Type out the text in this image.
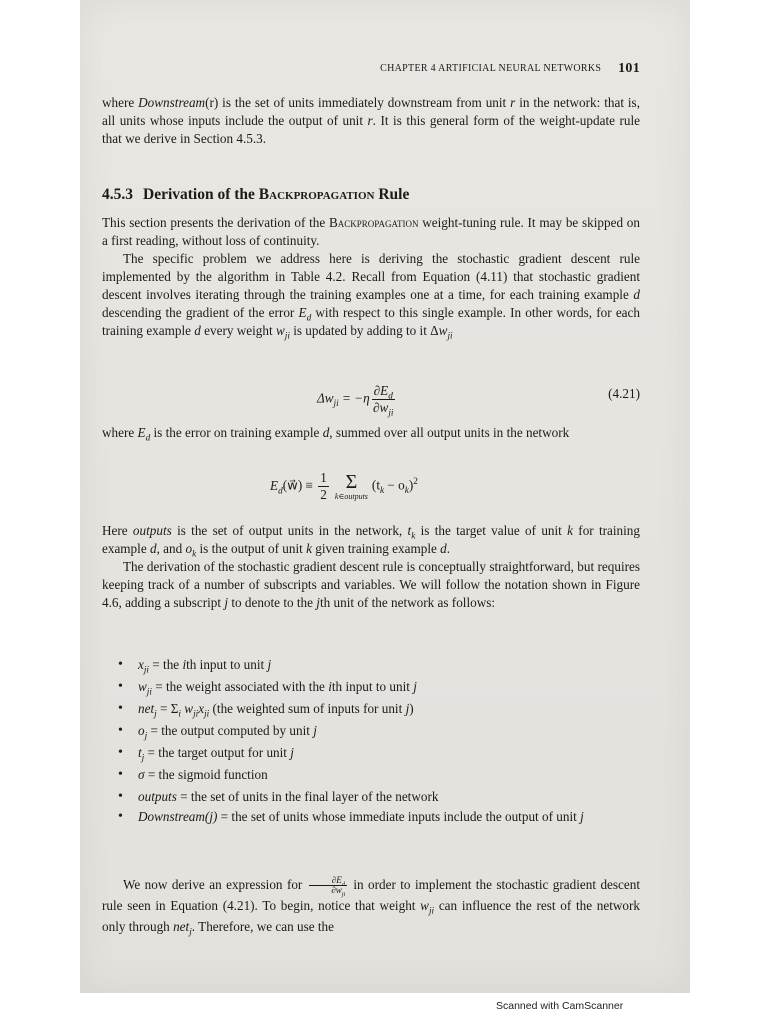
CHAPTER 4 ARTIFICIAL NEURAL NETWORKS 101

where Downstream(r) is the set of units immediately downstream from unit r in the network: that is, all units whose inputs include the output of unit r. It is this general form of the weight-update rule that we derive in Section 4.5.3.

4.5.3 Derivation of the Backpropagation Rule

This section presents the derivation of the Backpropagation weight-tuning rule. It may be skipped on a first reading, without loss of continuity.

The specific problem we address here is deriving the stochastic gradient descent rule implemented by the algorithm in Table 4.2. Recall from Equation (4.11) that stochastic gradient descent involves iterating through the training examples one at a time, for each training example d descending the gradient of the error $E_d$ with respect to this single example. In other words, for each training example d every weight $w_{ji}$ is updated by adding to it $\Delta w_{ji}$

$\Delta w_{ji} = -\eta \frac{\partial E_d}{\partial w_{ji}}$	(4.21)

where $E_d$ is the error on training example d, summed over all output units in the network

$E_d(w⃗) \equiv \frac{1}{2}$ Σ
k∈outputs
$(t_k - o_k)^2$

Here outputs is the set of output units in the network, $t_k$ is the target value of unit k for training example d, and $o_k$ is the output of unit k given training example d.

The derivation of the stochastic gradient descent rule is conceptually straightforward, but requires keeping track of a number of subscripts and variables. We will follow the notation shown in Figure 4.6, adding a subscript j to denote to the jth unit of the network as follows:

• $x_{ji}$ = the ith input to unit j
• $w_{ji}$ = the weight associated with the ith input to unit j
• $net_j = \Sigma_i$ $w_{ji}x_{ji}$ (the weighted sum of inputs for unit j)
• $o_j$ = the output computed by unit j
• $t_j$ = the target output for unit j
• σ = the sigmoid function
• outputs = the set of units in the final layer of the network
• Downstream(j) = the set of units whose immediate inputs include the output of unit j

We now derive an expression for $\frac{\partial E_d}{\partial w_{ji}}$ in order to implement the stochastic gradient descent rule seen in Equation (4.21). To begin, notice that weight $w_{ji}$ can influence the rest of the network only through net$_j$. Therefore, we can use the

Scanned with CamScanner
